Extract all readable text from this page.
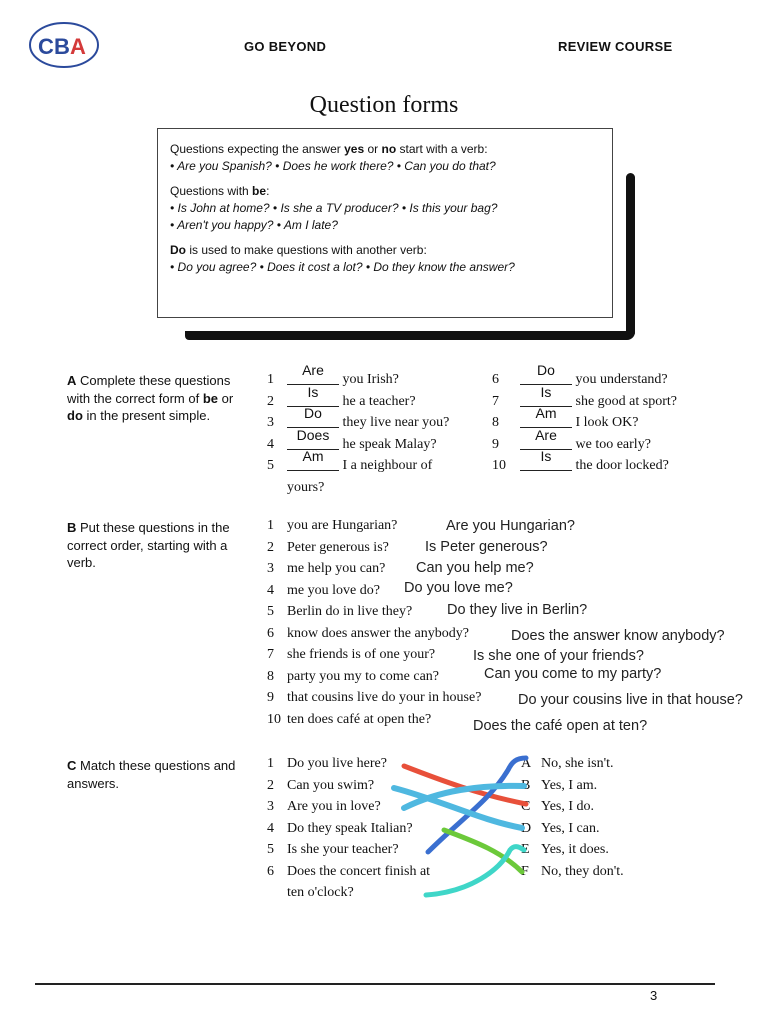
C B A	GO BEYOND	REVIEW COURSE
Question forms

Questions expecting the answer yes or no start with a verb:

• Are you Spanish? • Does he work there? • Can you do that?

Questions with be:

• Is John at home? • Is she a TV producer? • Is this your bag?

• Aren't you happy? • Am I late?

Do is used to make questions with another verb:

• Do you agree? • Does it cost a lot? • Do they know the answer?

A Complete these questions with the correct form of be or do in the present simple.
1Are you Irish?
2Is he a teacher?
3Do they live near you?
4Does he speak Malay?
5Am I a neighbour of
yours?
6Do you understand?
7Is she good at sport?
8Am I look OK?
9Are we too early?
10Is the door locked?
B Put these questions in the correct order, starting with a verb.
1 you are Hungarian?
2 Peter generous is?
3 me help you can?
4 me you love do?
5 Berlin do in live they?
6 know does answer the anybody?
7 she friends is of one your?
8 party you my to come can?
9 that cousins live do your in house?
10 ten does café at open the?
Are you Hungarian?
Is Peter generous?
Can you help me?
Do you love me?
Do they live in Berlin?
Does the answer know anybody?
Is she one of your friends?
Can you come to my party?
Do your cousins live in that house?
Does the café open at ten?
C Match these questions and answers.
1 Do you live here?
2 Can you swim?
3 Are you in love?
4 Do they speak Italian?
5 Is she your teacher?
6 Does the concert finish at
ten o'clock?
A No, she isn't.
B Yes, I am.
C Yes, I do.
D Yes, I can.
E Yes, it does.
F No, they don't.
3
